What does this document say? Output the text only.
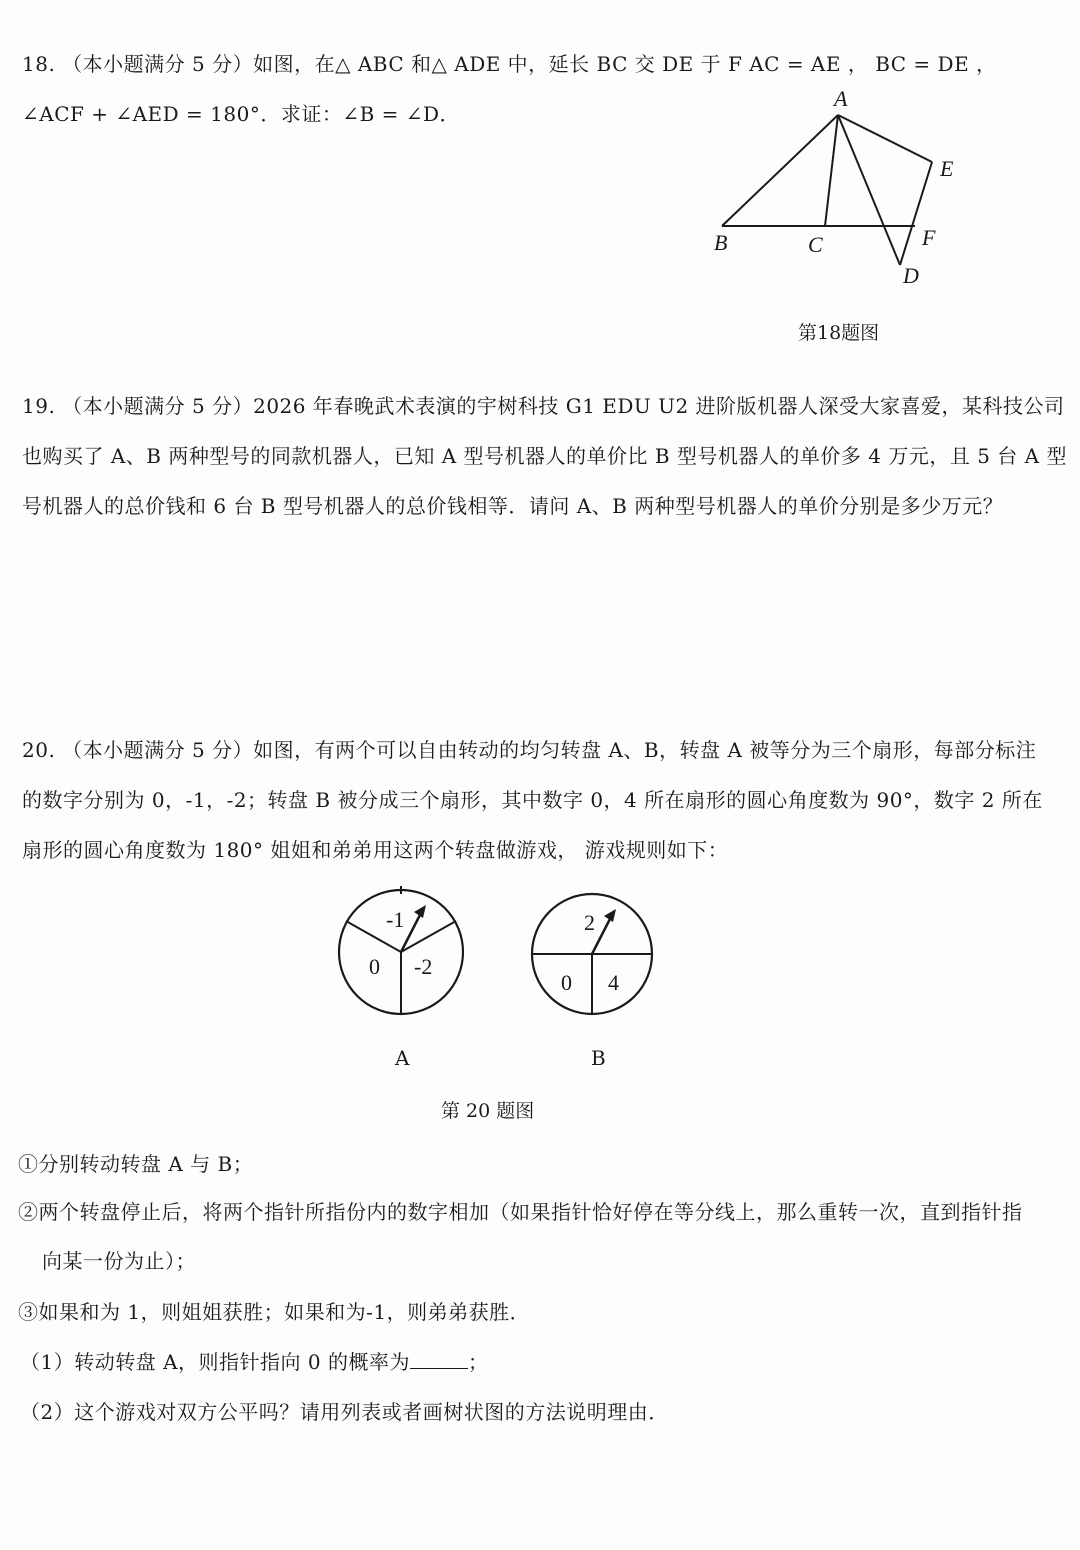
18. （本小题满分 5 分）如图，在△ ABC 和△ ADE 中，延长 BC 交 DE 于 F AC = AE ， BC = DE ，
∠ACF + ∠AED = 180°．求证：∠B = ∠D．
A
B	C
D
E
F
第18题图
19. （本小题满分 5 分）2026 年春晚武术表演的宇树科技 G1 EDU U2 进阶版机器人深受大家喜爱，某科技公司
也购买了 A、B 两种型号的同款机器人，已知 A 型号机器人的单价比 B 型号机器人的单价多 4 万元，且 5 台 A 型
号机器人的总价钱和 6 台 B 型号机器人的总价钱相等．请问 A、B 两种型号机器人的单价分别是多少万元？
20. （本小题满分 5 分）如图，有两个可以自由转动的均匀转盘 A、B，转盘 A 被等分为三个扇形，每部分标注
的数字分别为 0，-1，-2；转盘 B 被分成三个扇形，其中数字 0，4 所在扇形的圆心角度数为 90°，数字 2 所在
扇形的圆心角度数为 180° 姐姐和弟弟用这两个转盘做游戏， 游戏规则如下：
-1
0 -2
2
0 4
A	B
第 20 题图
①分别转动转盘 A 与 B；
②两个转盘停止后，将两个指针所指份内的数字相加（如果指针恰好停在等分线上，那么重转一次，直到指针指
向某一份为止）；
③如果和为 1，则姐姐获胜；如果和为-1，则弟弟获胜．
（1）转动转盘 A，则指针指向 0 的概率为	；
（2）这个游戏对双方公平吗？请用列表或者画树状图的方法说明理由．
